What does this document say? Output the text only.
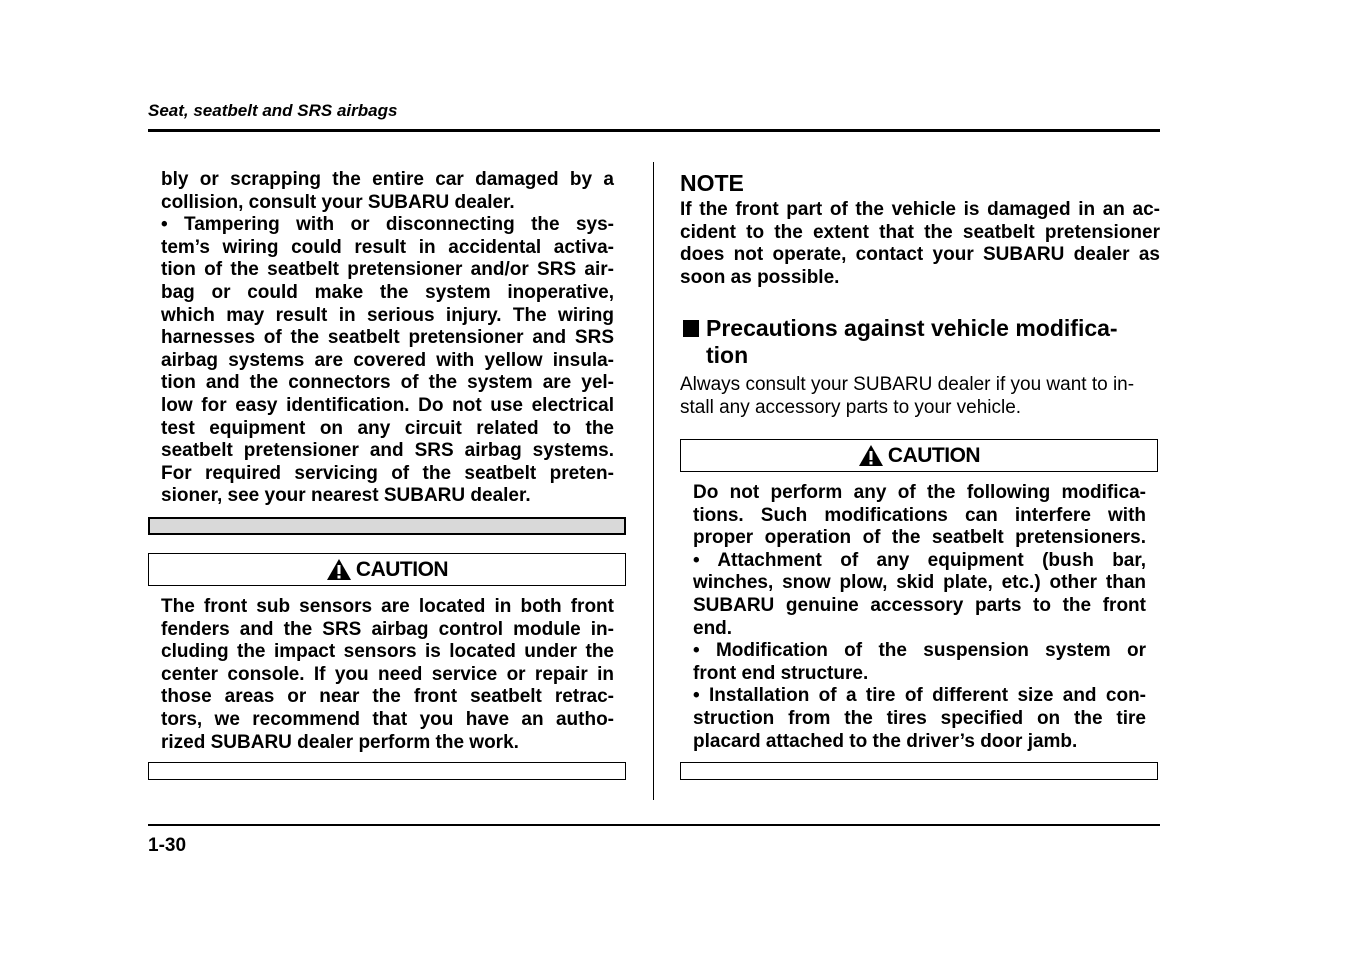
Seat, seatbelt and SRS airbags

bly or scrapping the entire car damaged by a

collision, consult your SUBARU dealer.

• Tampering with or disconnecting the sys-

tem’s wiring could result in accidental activa-

tion of the seatbelt pretensioner and/or SRS air-

bag or could make the system inoperative,

which may result in serious injury. The wiring

harnesses of the seatbelt pretensioner and SRS

airbag systems are covered with yellow insula-

tion and the connectors of the system are yel-

low for easy identification. Do not use electrical

test equipment on any circuit related to the

seatbelt pretensioner and SRS airbag systems.

For required servicing of the seatbelt preten-

sioner, see your nearest SUBARU dealer.

CAUTION

The front sub sensors are located in both front

fenders and the SRS airbag control module in-

cluding the impact sensors is located under the

center console. If you need service or repair in

those areas or near the front seatbelt retrac-

tors, we recommend that you have an autho-

rized SUBARU dealer perform the work.

NOTE

If the front part of the vehicle is damaged in an ac-

cident to the extent that the seatbelt pretensioner

does not operate, contact your SUBARU dealer as

soon as possible.

Precautions against vehicle modifica-
tion
Always consult your SUBARU dealer if you want to in-
stall any accessory parts to your vehicle.
CAUTION

Do not perform any of the following modifica-

tions. Such modifications can interfere with

proper operation of the seatbelt pretensioners.

• Attachment of any equipment (bush bar,

winches, snow plow, skid plate, etc.) other than

SUBARU genuine accessory parts to the front

end.

• Modification of the suspension system or

front end structure.

• Installation of a tire of different size and con-

struction from the tires specified on the tire

placard attached to the driver’s door jamb.

1-30
